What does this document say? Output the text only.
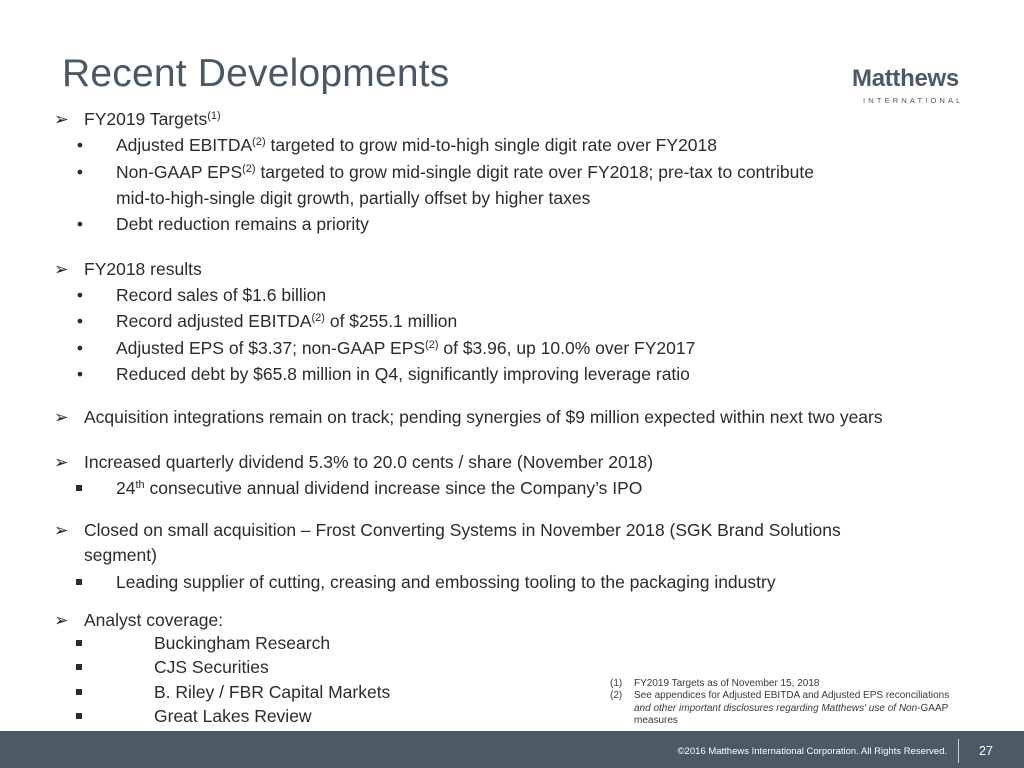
Recent Developments	Matthews
INTERNATIONAL
➢ FY2019 Targets$^{(1)}$
• Adjusted EBITDA$^{(2)}$ targeted to grow mid-to-high single digit rate over FY2018
• Non-GAAP EPS$^{(2)}$ targeted to grow mid-single digit rate over FY2018; pre-tax to contribute
mid-to-high-single digit growth, partially offset by higher taxes
• Debt reduction remains a priority
➢ FY2018 results
• Record sales of $1.6 billion
• Record adjusted EBITDA$^{(2)}$ of $255.1 million
• Adjusted EPS of $3.37; non-GAAP EPS$^{(2)}$ of $3.96, up 10.0% over FY2017
• Reduced debt by $65.8 million in Q4, significantly improving leverage ratio
➢ Acquisition integrations remain on track; pending synergies of $9 million expected within next two years
➢ Increased quarterly dividend 5.3% to 20.0 cents / share (November 2018)
24th consecutive annual dividend increase since the Company’s IPO
➢ Closed on small acquisition – Frost Converting Systems in November 2018 (SGK Brand Solutions
segment)
Leading supplier of cutting, creasing and embossing tooling to the packaging industry
➢ Analyst coverage:
Buckingham Research
CJS Securities
B. Riley / FBR Capital Markets
Great Lakes Review
(1) FY2019 Targets as of November 15, 2018
(2) See appendices for Adjusted EBITDA and Adjusted EPS reconciliations
and other important disclosures regarding Matthews' use of Non-GAAP
measures
©2016 Matthews International Corporation. All Rights Reserved.	27
